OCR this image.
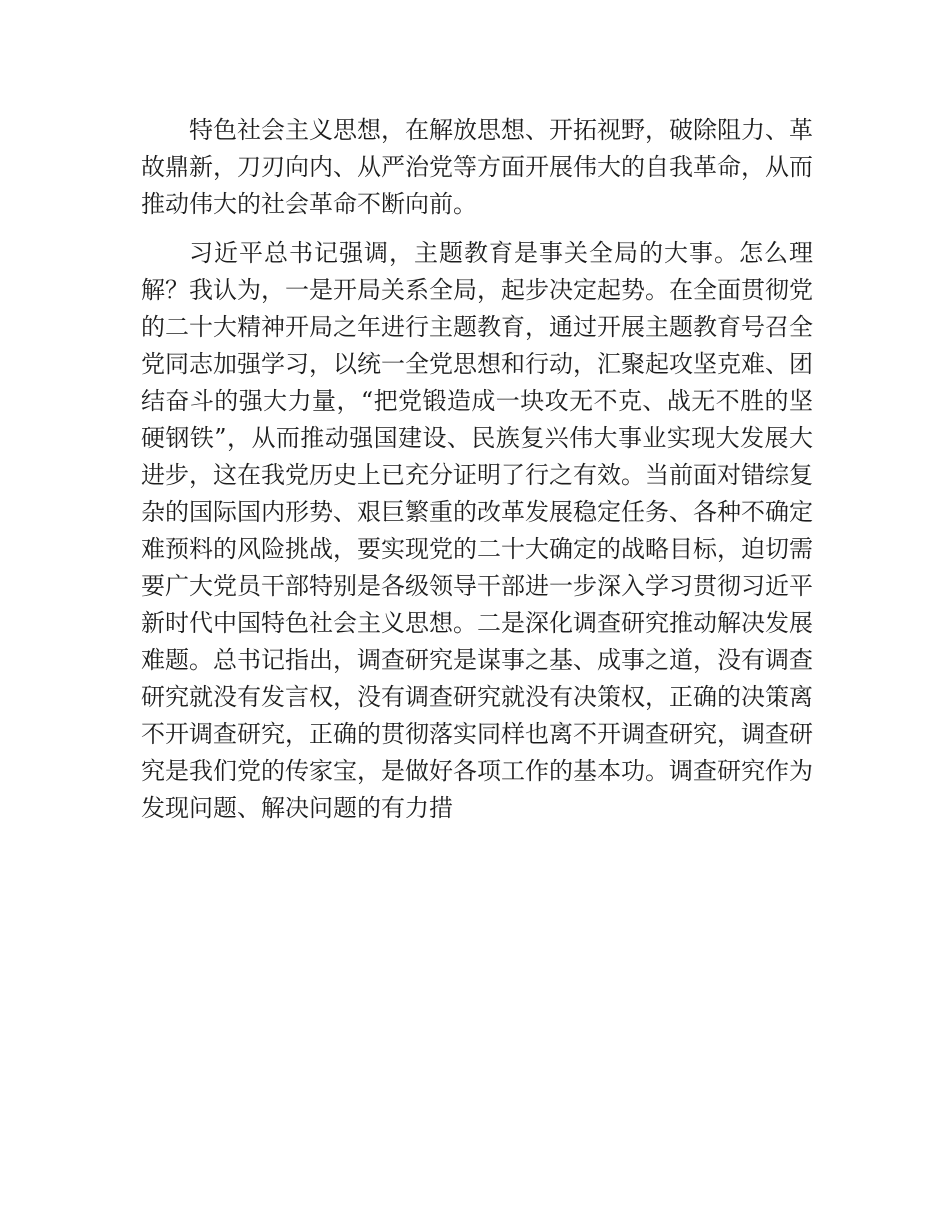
特色社会主义思想，在解放思想、开拓视野，破除阻力、革故鼎新，刀刃向内、从严治党等方面开展伟大的自我革命，从而推动伟大的社会革命不断向前。

习近平总书记强调，主题教育是事关全局的大事。怎么理解？我认为，一是开局关系全局，起步决定起势。在全面贯彻党的二十大精神开局之年进行主题教育，通过开展主题教育号召全党同志加强学习，以统一全党思想和行动，汇聚起攻坚克难、团结奋斗的强大力量，“把党锻造成一块攻无不克、战无不胜的坚硬钢铁”，从而推动强国建设、民族复兴伟大事业实现大发展大进步，这在我党历史上已充分证明了行之有效。当前面对错综复杂的国际国内形势、艰巨繁重的改革发展稳定任务、各种不确定难预料的风险挑战，要实现党的二十大确定的战略目标，迫切需要广大党员干部特别是各级领导干部进一步深入学习贯彻习近平新时代中国特色社会主义思想。二是深化调查研究推动解决发展难题。总书记指出，调查研究是谋事之基、成事之道，没有调查研究就没有发言权，没有调查研究就没有决策权，正确的决策离不开调查研究，正确的贯彻落实同样也离不开调查研究，调查研究是我们党的传家宝，是做好各项工作的基本功。调查研究作为发现问题、解决问题的有力措
